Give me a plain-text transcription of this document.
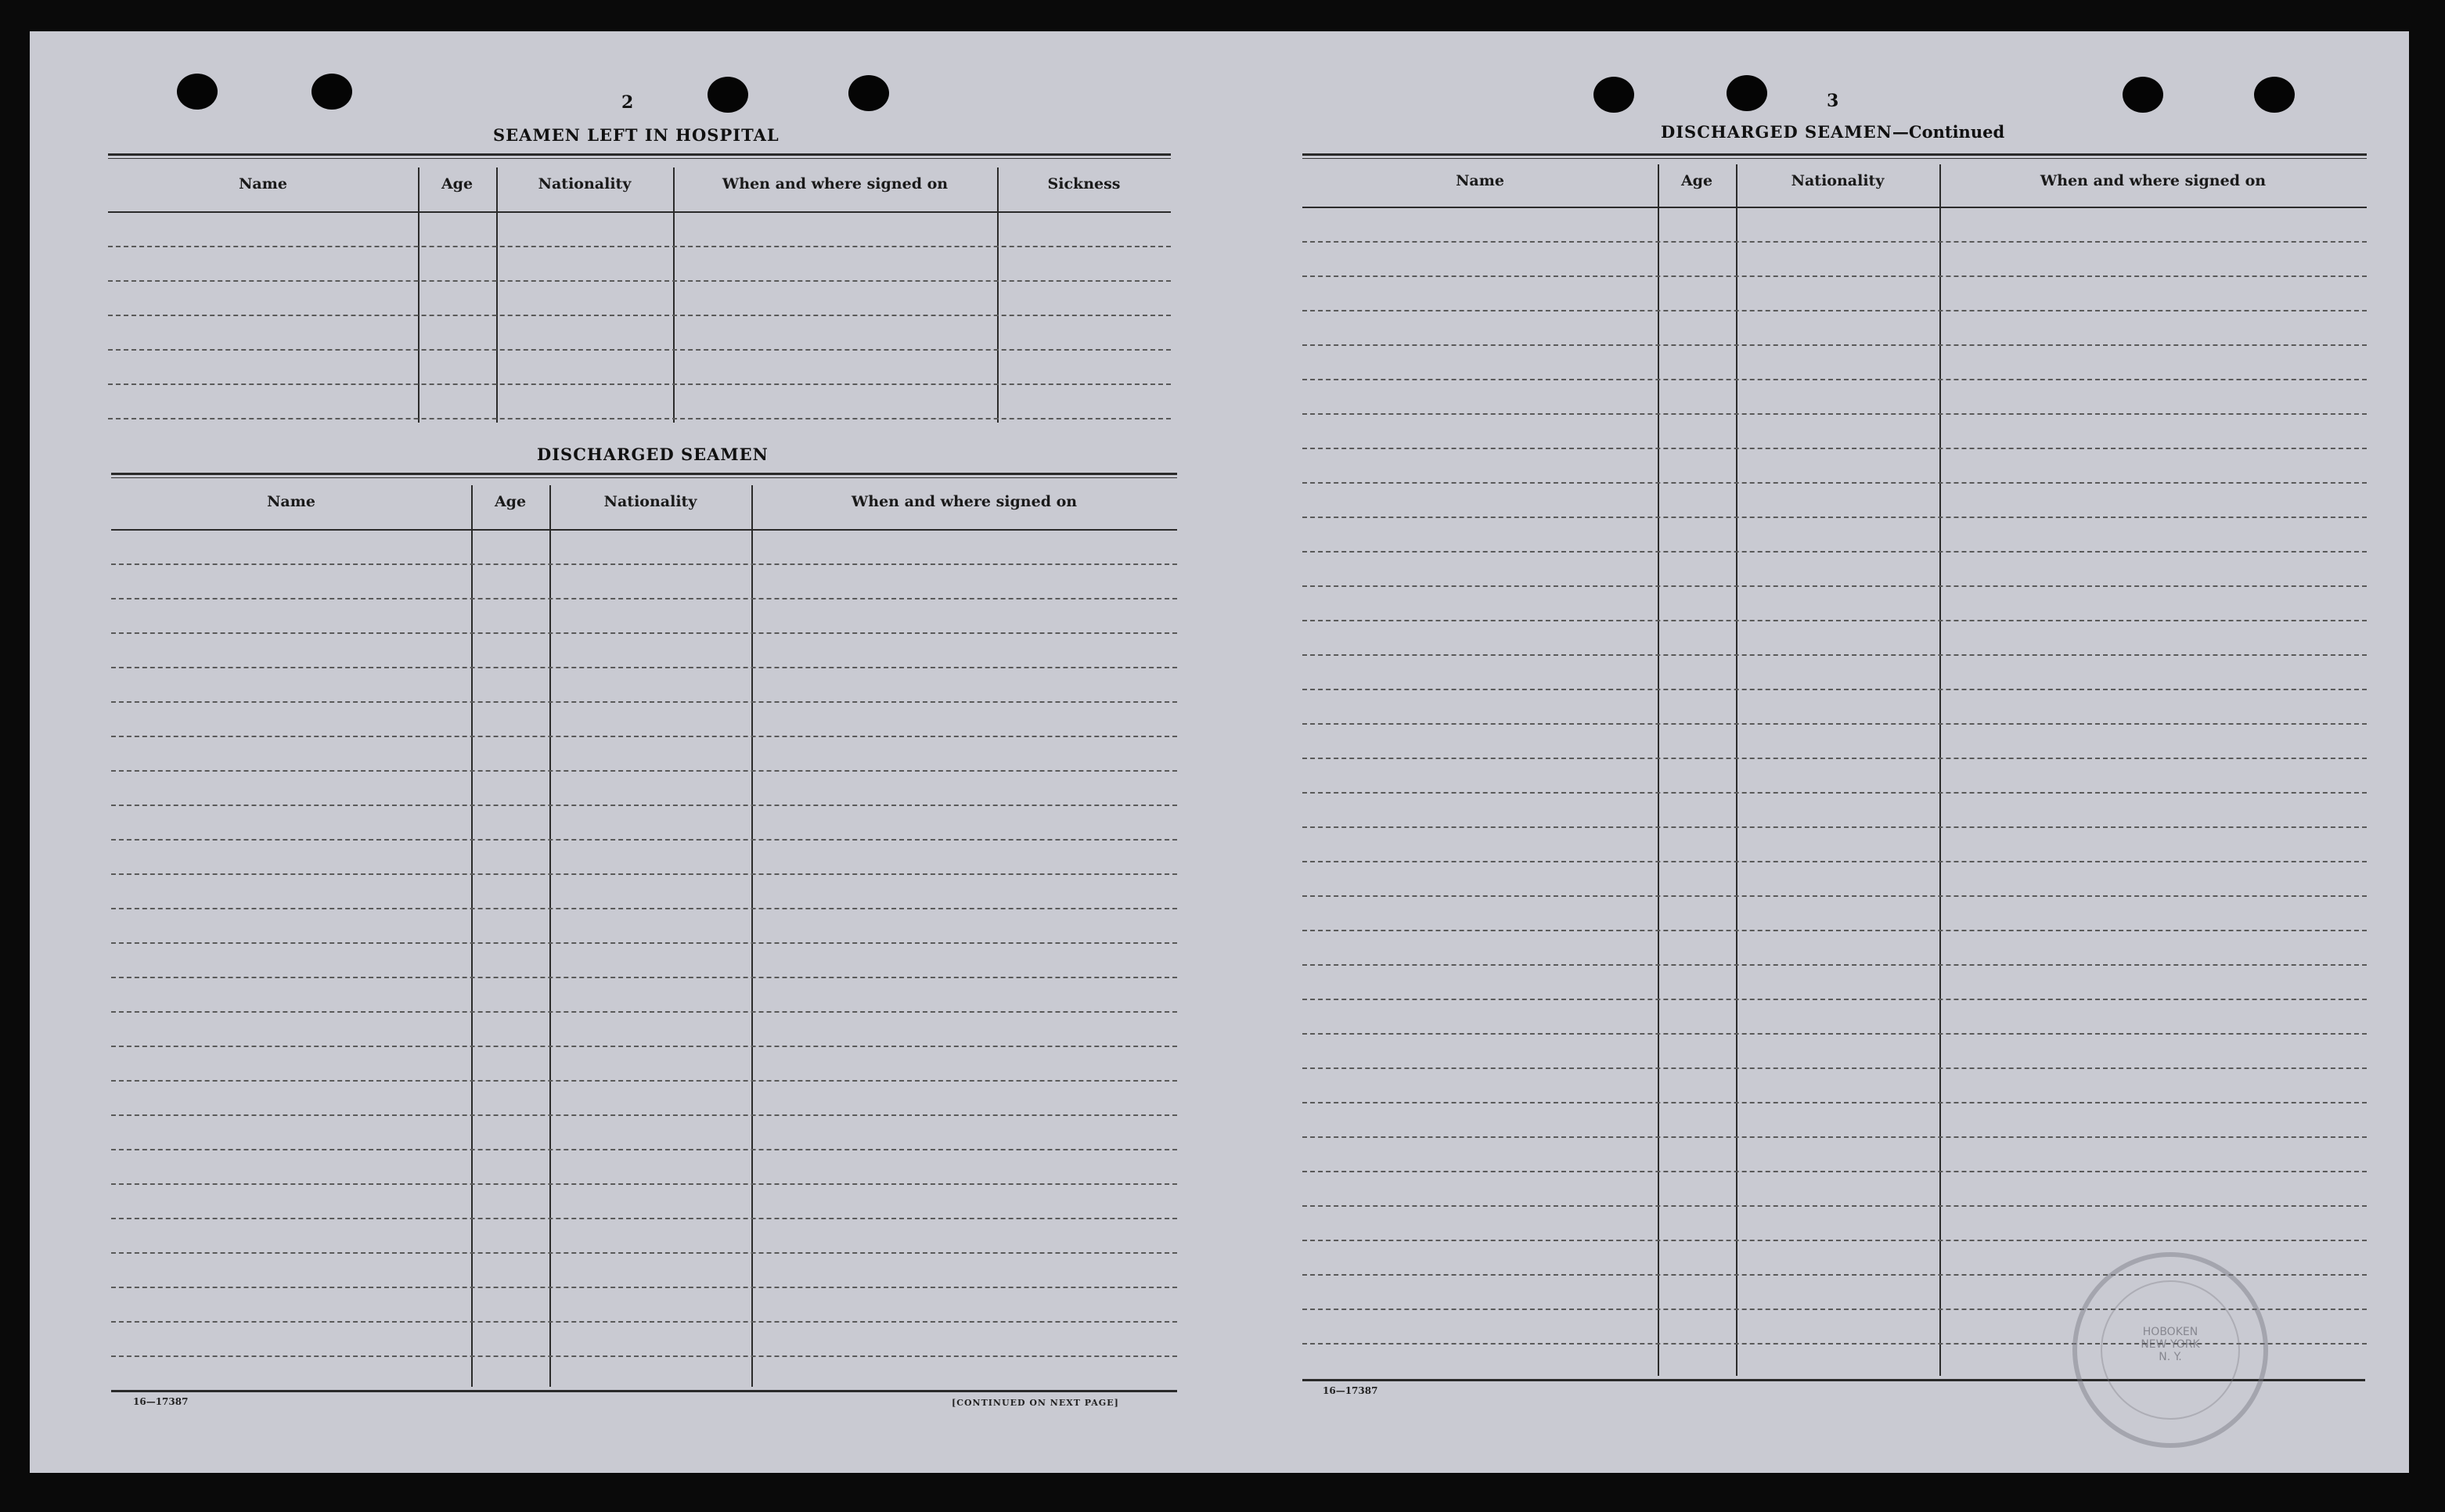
2
SEAMEN LEFT IN HOSPITAL
Name	Age	Nationality	When and where signed on	Sickness
DISCHARGED SEAMEN
Name	Age	Nationality	When and where signed on
16—17387	[CONTINUED ON NEXT PAGE]
3
DISCHARGED SEAMEN—Continued
Name	Age	Nationality	When and where signed on
16—17387
HOBOKEN
NEW YORK
N. Y.
